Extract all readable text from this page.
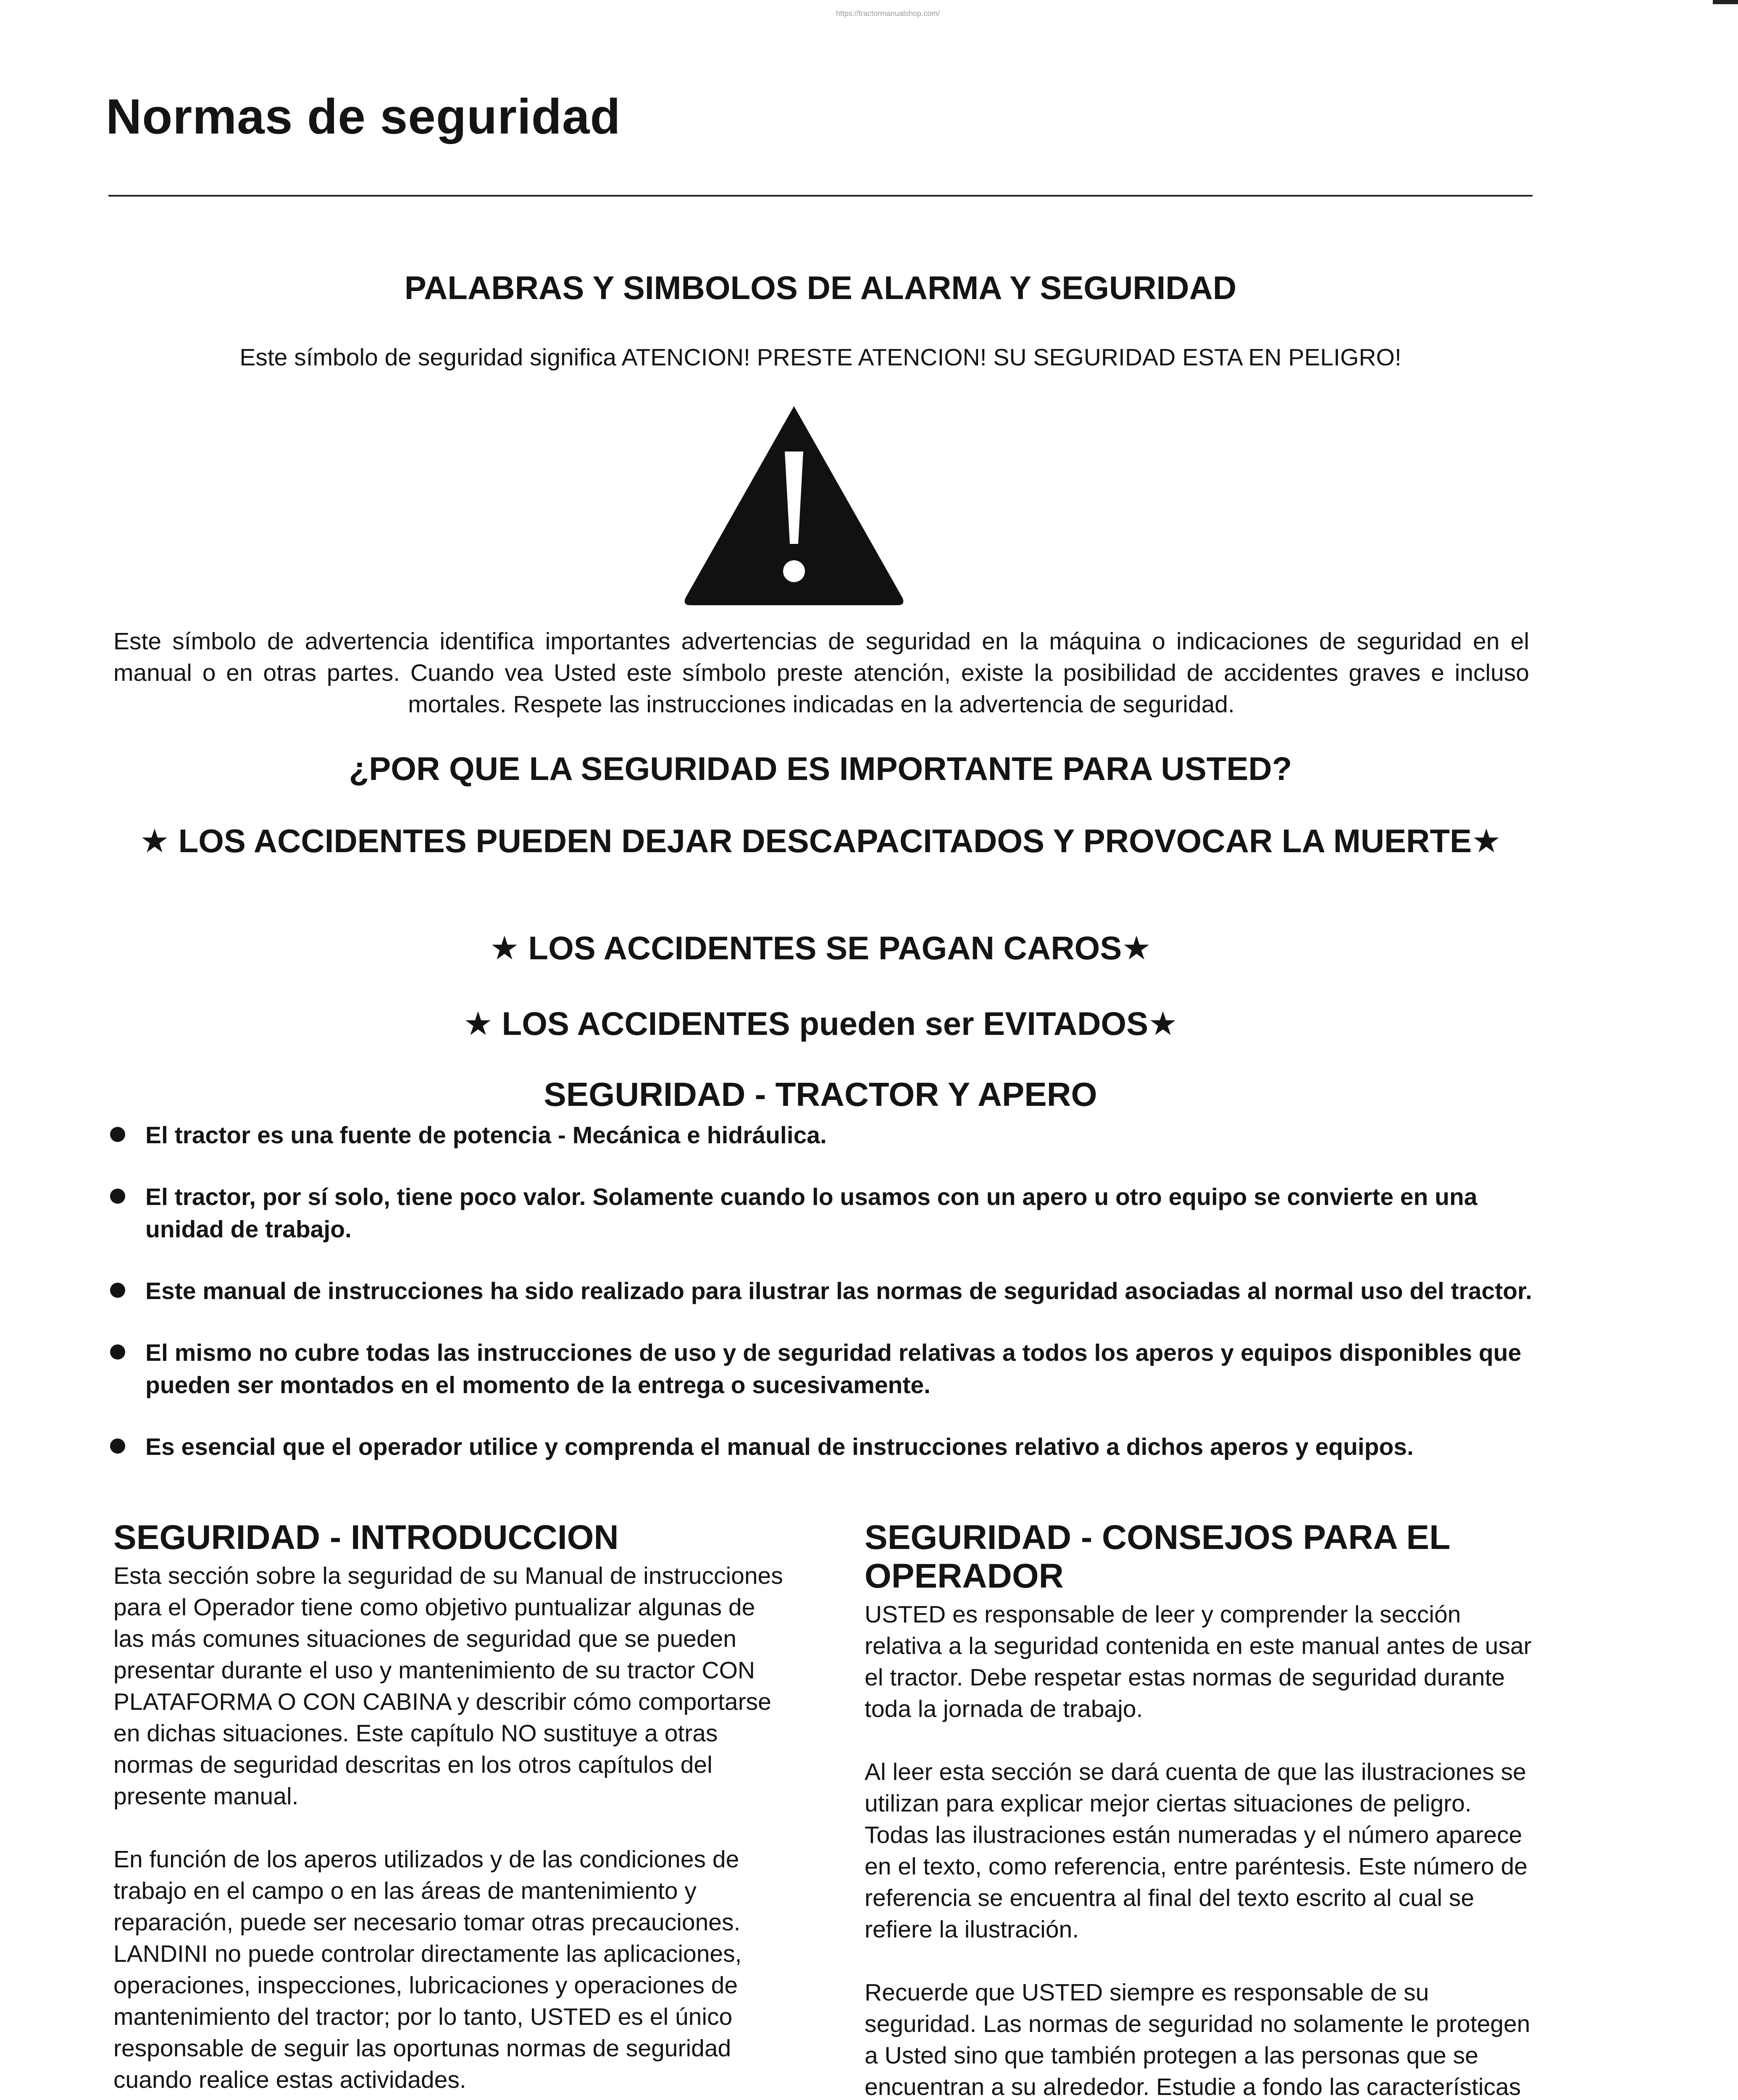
https://tractormanualshop.com/
Normas de seguridad
PALABRAS Y SIMBOLOS DE ALARMA Y SEGURIDAD

Este símbolo de seguridad significa ATENCION! PRESTE ATENCION! SU SEGURIDAD ESTA EN PELIGRO!

Este símbolo de advertencia identifica importantes advertencias de seguridad en la máquina o indicaciones de seguridad en el manual o en otras partes. Cuando vea Usted este símbolo preste atención, existe la posibilidad de accidentes graves e incluso mortales. Respete las instrucciones indicadas en la advertencia de seguridad.

¿POR QUE LA SEGURIDAD ES IMPORTANTE PARA USTED?

★ LOS ACCIDENTES PUEDEN DEJAR DESCAPACITADOS Y PROVOCAR LA MUERTE★

★ LOS ACCIDENTES SE PAGAN CAROS★

★ LOS ACCIDENTES pueden ser EVITADOS★

SEGURIDAD - TRACTOR Y APERO
El tractor es una fuente de potencia - Mecánica e hidráulica.
El tractor, por sí solo, tiene poco valor. Solamente cuando lo usamos con un apero u otro equipo se convierte en una unidad de trabajo.
Este manual de instrucciones ha sido realizado para ilustrar las normas de seguridad asociadas al normal uso del tractor.
El mismo no cubre todas las instrucciones de uso y de seguridad relativas a todos los aperos y equipos disponibles que pueden ser montados en el momento de la entrega o sucesivamente.
Es esencial que el operador utilice y comprenda el manual de instrucciones relativo a dichos aperos y equipos.
SEGURIDAD - INTRODUCCION

Esta sección sobre la seguridad de su Manual de instrucciones para el Operador tiene como objetivo puntualizar algunas de las más comunes situaciones de seguridad que se pueden presentar durante el uso y mantenimiento de su tractor CON PLATAFORMA O CON CABINA y describir cómo comportarse en dichas situaciones. Este capítulo NO sustituye a otras normas de seguridad descritas en los otros capítulos del presente manual.

En función de los aperos utilizados y de las condiciones de trabajo en el campo o en las áreas de mantenimiento y reparación, puede ser necesario tomar otras precauciones. LANDINI no puede controlar directamente las aplicaciones, operaciones, inspecciones, lubricaciones y operaciones de mantenimiento del tractor; por lo tanto, USTED es el único responsable de seguir las oportunas normas de seguridad cuando realice estas actividades.

SEGURIDAD - CONSEJOS PARA EL OPERADOR

USTED es responsable de leer y comprender la sección relativa a la seguridad contenida en este manual antes de usar el tractor. Debe respetar estas normas de seguridad durante toda la jornada de trabajo.

Al leer esta sección se dará cuenta de que las ilustraciones se utilizan para explicar mejor ciertas situaciones de peligro. Todas las ilustraciones están numeradas y el número aparece en el texto, como referencia, entre paréntesis. Este número de referencia se encuentra al final del texto escrito al cual se refiere la ilustración.

Recuerde que USTED siempre es responsable de su seguridad. Las normas de seguridad no solamente le protegen a Usted sino que también protegen a las personas que se encuentran a su alrededor. Estudie a fondo las características
